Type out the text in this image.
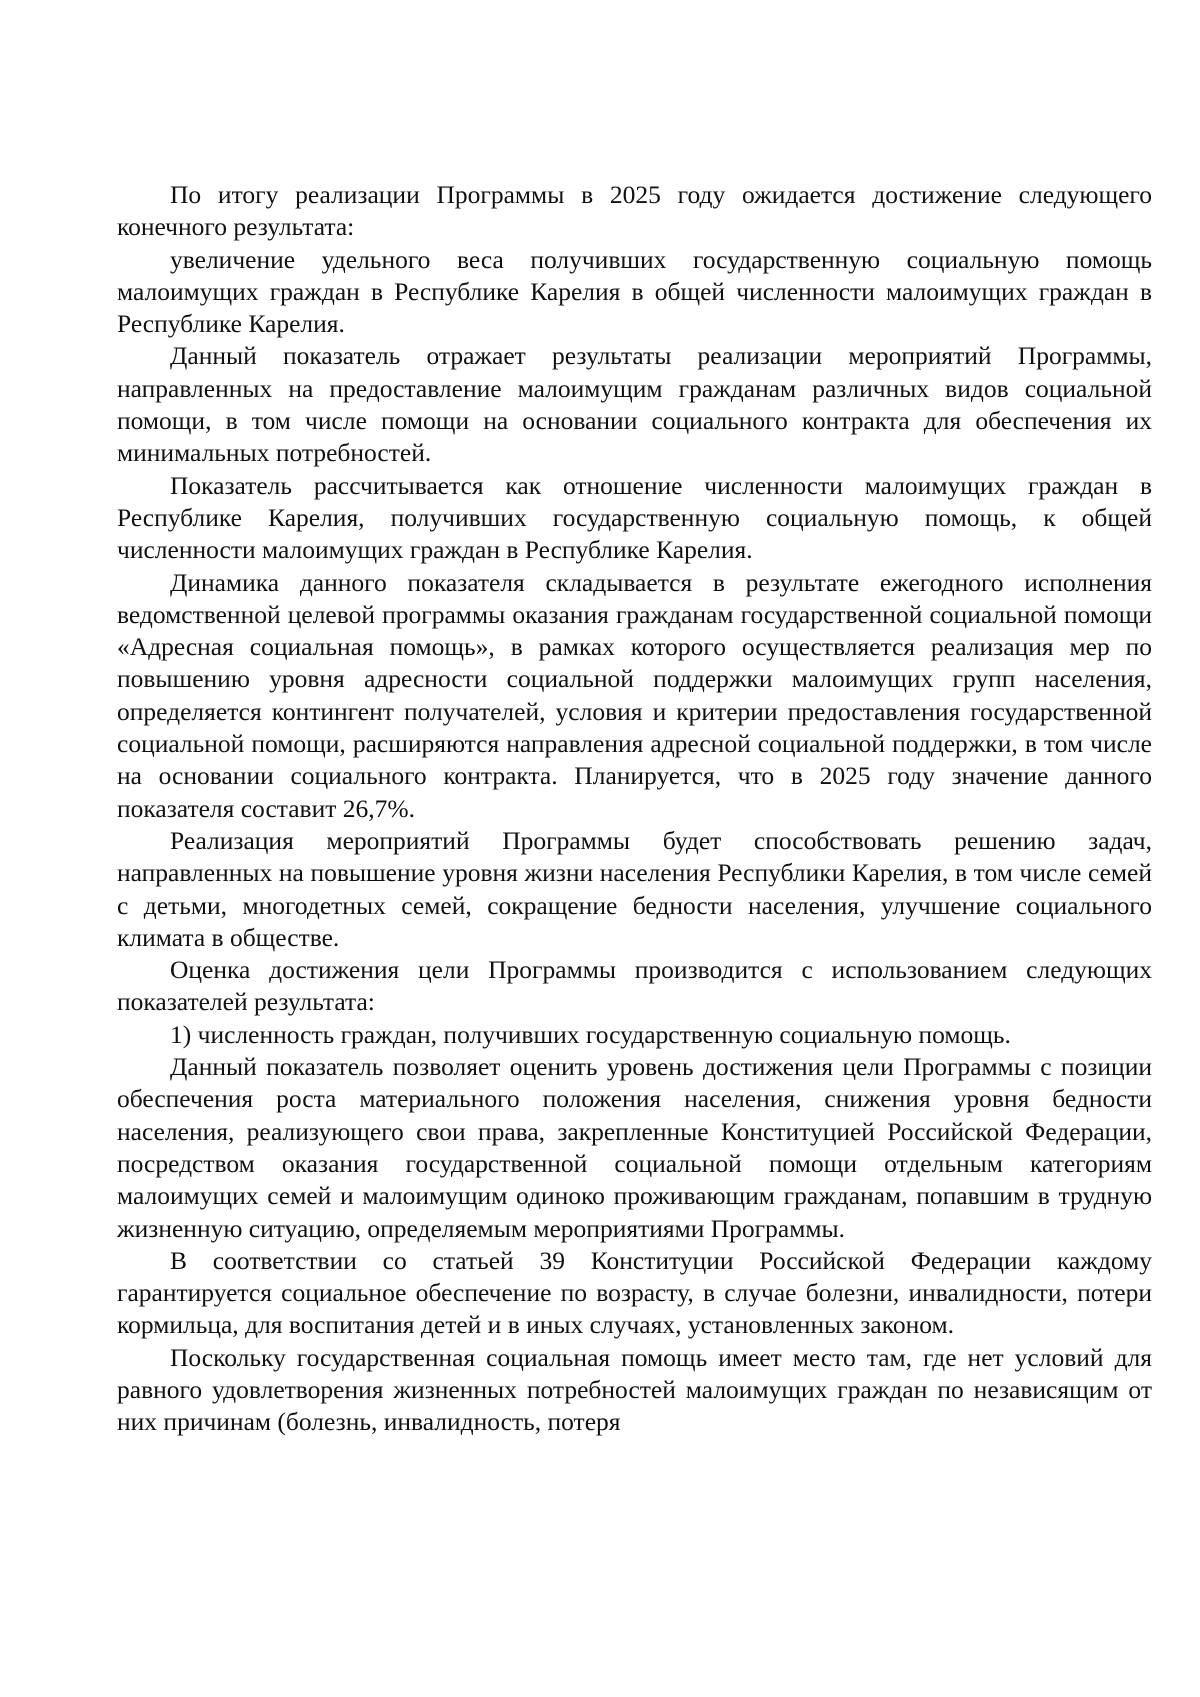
По итогу реализации Программы в 2025 году ожидается достижение следующего конечного результата:

увеличение удельного веса получивших государственную социальную помощь малоимущих граждан в Республике Карелия в общей численности малоимущих граждан в Республике Карелия.

Данный показатель отражает результаты реализации мероприятий Программы, направленных на предоставление малоимущим гражданам различных видов социальной помощи, в том числе помощи на основании социального контракта для обеспечения их минимальных потребностей.

Показатель рассчитывается как отношение численности малоимущих граждан в Республике Карелия, получивших государственную социальную помощь, к общей численности малоимущих граждан в Республике Карелия.

Динамика данного показателя складывается в результате ежегодного исполнения ведомственной целевой программы оказания гражданам государственной социальной помощи «Адресная социальная помощь», в рамках которого осуществляется реализация мер по повышению уровня адресности социальной поддержки малоимущих групп населения, определяется контингент получателей, условия и критерии предоставления государственной социальной помощи, расширяются направления адресной социальной поддержки, в том числе на основании социального контракта. Планируется, что в 2025 году значение данного показателя составит 26,7%.

Реализация мероприятий Программы будет способствовать решению задач, направленных на повышение уровня жизни населения Республики Карелия, в том числе семей с детьми, многодетных семей, сокращение бедности населения, улучшение социального климата в обществе.

Оценка достижения цели Программы производится с использованием следующих показателей результата:

1) численность граждан, получивших государственную социальную помощь.

Данный показатель позволяет оценить уровень достижения цели Программы с позиции обеспечения роста материального положения населения, снижения уровня бедности населения, реализующего свои права, закрепленные Конституцией Российской Федерации, посредством оказания государственной социальной помощи отдельным категориям малоимущих семей и малоимущим одиноко проживающим гражданам, попавшим в трудную жизненную ситуацию, определяемым мероприятиями Программы.

В соответствии со статьей 39 Конституции Российской Федерации каждому гарантируется социальное обеспечение по возрасту, в случае болезни, инвалидности, потери кормильца, для воспитания детей и в иных случаях, установленных законом.

Поскольку государственная социальная помощь имеет место там, где нет условий для равного удовлетворения жизненных потребностей малоимущих граждан по независящим от них причинам (болезнь, инвалидность, потеря
